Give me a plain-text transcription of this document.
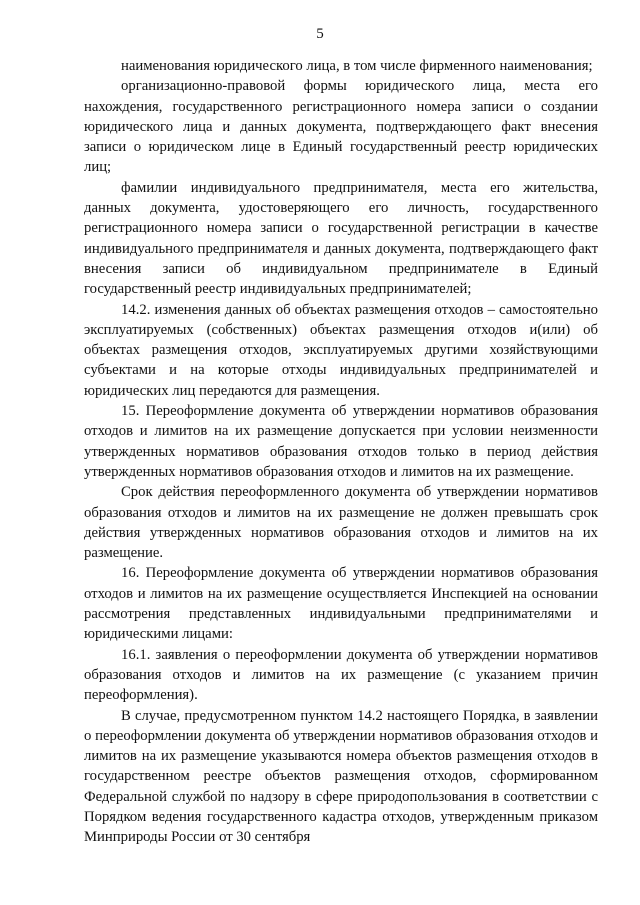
5

наименования юридического лица, в том числе фирменного наименования;

организационно-правовой формы юридического лица, места его нахождения, государственного регистрационного номера записи о создании юридического лица и данных документа, подтверждающего факт внесения записи о юридическом лице в Единый государственный реестр юридических лиц;

фамилии индивидуального предпринимателя, места его жительства, данных документа, удостоверяющего его личность, государственного регистрационного номера записи о государственной регистрации в качестве индивидуального предпринимателя и данных документа, подтверждающего факт внесения записи об индивидуальном предпринимателе в Единый государственный реестр индивидуальных предпринимателей;

14.2. изменения данных об объектах размещения отходов – самостоятельно эксплуатируемых (собственных) объектах размещения отходов и(или) об объектах размещения отходов, эксплуатируемых другими хозяйствующими субъектами и на которые отходы индивидуальных предпринимателей и юридических лиц передаются для размещения.

15. Переоформление документа об утверждении нормативов образования отходов и лимитов на их размещение допускается при условии неизменности утвержденных нормативов образования отходов только в период действия утвержденных нормативов образования отходов и лимитов на их размещение.

Срок действия переоформленного документа об утверждении нормативов образования отходов и лимитов на их размещение не должен превышать срок действия утвержденных нормативов образования отходов и лимитов на их размещение.

16. Переоформление документа об утверждении нормативов образования отходов и лимитов на их размещение осуществляется Инспекцией на основании рассмотрения представленных индивидуальными предпринимателями и юридическими лицами:

16.1. заявления о переоформлении документа об утверждении нормативов образования отходов и лимитов на их размещение (с указанием причин переоформления).

В случае, предусмотренном пунктом 14.2 настоящего Порядка, в заявлении о переоформлении документа об утверждении нормативов образования отходов и лимитов на их размещение указываются номера объектов размещения отходов в государственном реестре объектов размещения отходов, сформированном Федеральной службой по надзору в сфере природопользования в соответствии с Порядком ведения государственного кадастра отходов, утвержденным приказом Минприроды России от 30 сентября
